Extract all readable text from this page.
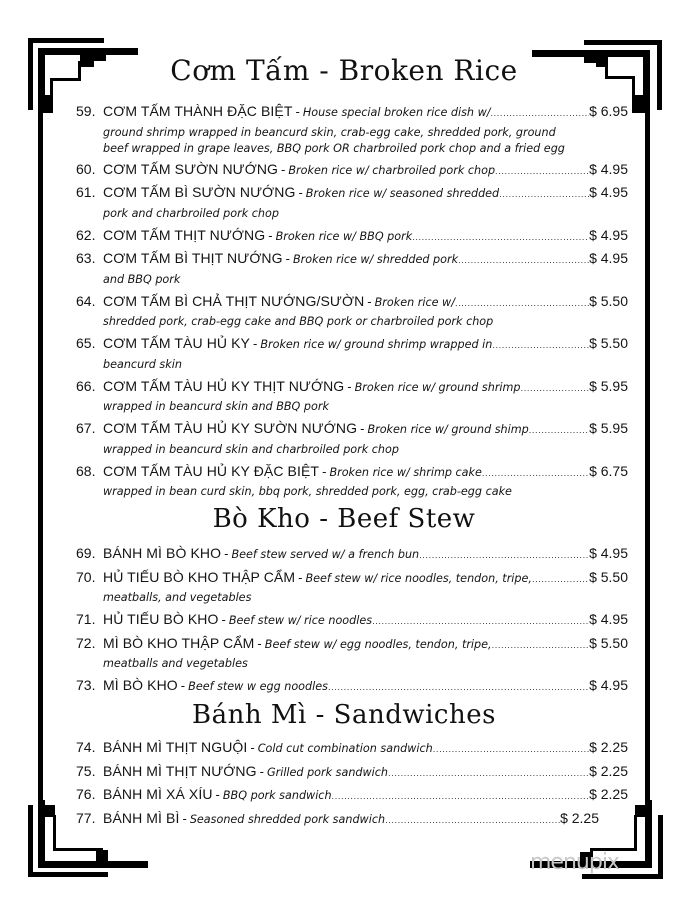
Cơm Tấm - Broken Rice
59. CƠM TẤM THÀNH ĐẶC BIỆT - House special broken rice dish w/ .....	$ 6.95
ground shrimp wrapped in beancurd skin, crab-egg cake, shredded pork, ground
beef wrapped in grape leaves, BBQ pork OR charbroiled pork chop and a fried egg
60. CƠM TẤM SƯỜN NƯỚNG - Broken rice w/ charbroiled pork chop .....	$ 4.95
61. CƠM TẤM BÌ SƯỜN NƯỚNG - Broken rice w/ seasoned shredded .....	$ 4.95
pork and charbroiled pork chop
62. CƠM TẤM THỊT NƯỚNG - Broken rice w/ BBQ pork .....	$ 4.95
63. CƠM TẤM BÌ THỊT NƯỚNG - Broken rice w/ shredded pork .....	$ 4.95
and BBQ pork
64. CƠM TẤM BÌ CHẢ THỊT NƯỚNG/SƯỜN - Broken rice w/ .....	$ 5.50
shredded pork, crab-egg cake and BBQ pork or charbroiled pork chop
65. CƠM TẤM TÀU HỦ KY - Broken rice w/ ground shrimp wrapped in .....	$ 5.50
beancurd skin
66. CƠM TẤM TÀU HỦ KY THỊT NƯỚNG - Broken rice w/ ground shrimp .....	$ 5.95
wrapped in beancurd skin and BBQ pork
67. CƠM TẤM TÀU HỦ KY SƯỜN NƯỚNG - Broken rice w/ ground shimp .....	$ 5.95
wrapped in beancurd skin and charbroiled pork chop
68. CƠM TẤM TÀU HỦ KY ĐẶC BIỆT - Broken rice w/ shrimp cake .....	$ 6.75
wrapped in bean curd skin, bbq pork, shredded pork, egg, crab-egg cake
Bò Kho - Beef Stew
69. BÁNH MÌ BÒ KHO - Beef stew served w/ a french bun .....	$ 4.95
70. HỦ TIẾU BÒ KHO THẬP CẨM - Beef stew w/ rice noodles, tendon, tripe, .....	$ 5.50
meatballs, and vegetables
71. HỦ TIẾU BÒ KHO - Beef stew w/ rice noodles .....	$ 4.95
72. MÌ BÒ KHO THẬP CẨM - Beef stew w/ egg noodles, tendon, tripe, .....	$ 5.50
meatballs and vegetables
73. MÌ BÒ KHO - Beef stew w egg noodles .....	$ 4.95
Bánh Mì - Sandwiches
74. BÁNH MÌ THỊT NGUỘI - Cold cut combination sandwich .....	$ 2.25
75. BÁNH MÌ THỊT NƯỚNG - Grilled pork sandwich .....	$ 2.25
76. BÁNH MÌ XÁ XÍU - BBQ pork sandwich .....	$ 2.25
77. BÁNH MÌ BÌ - Seasoned shredded pork sandwich .....	$ 2.25
menupix
